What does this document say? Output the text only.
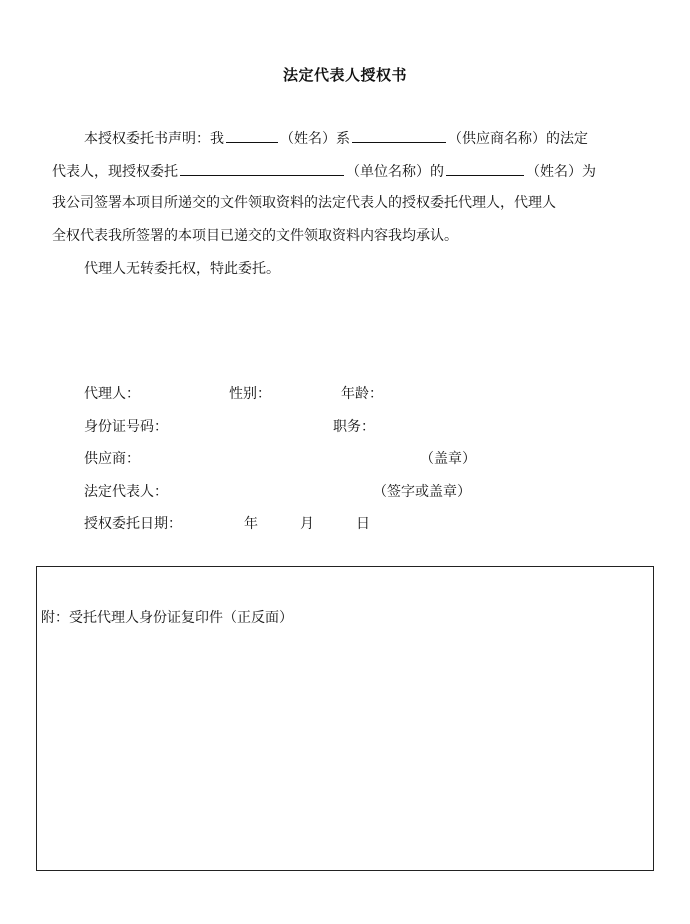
法定代表人授权书
本授权委托书声明：我	（姓名）系	（供应商名称）的法定
代表人，现授权委托	（单位名称）的	（姓名）为
我公司签署本项目所递交的文件领取资料的法定代表人的授权委托代理人，代理人
全权代表我所签署的本项目已递交的文件领取资料内容我均承认。
代理人无转委托权，特此委托。
代理人：	性别：	年龄：
身份证号码：	职务：
供应商：	（盖章）
法定代表人：	（签字或盖章）
授权委托日期：	年	月	日
附：受托代理人身份证复印件（正反面）
